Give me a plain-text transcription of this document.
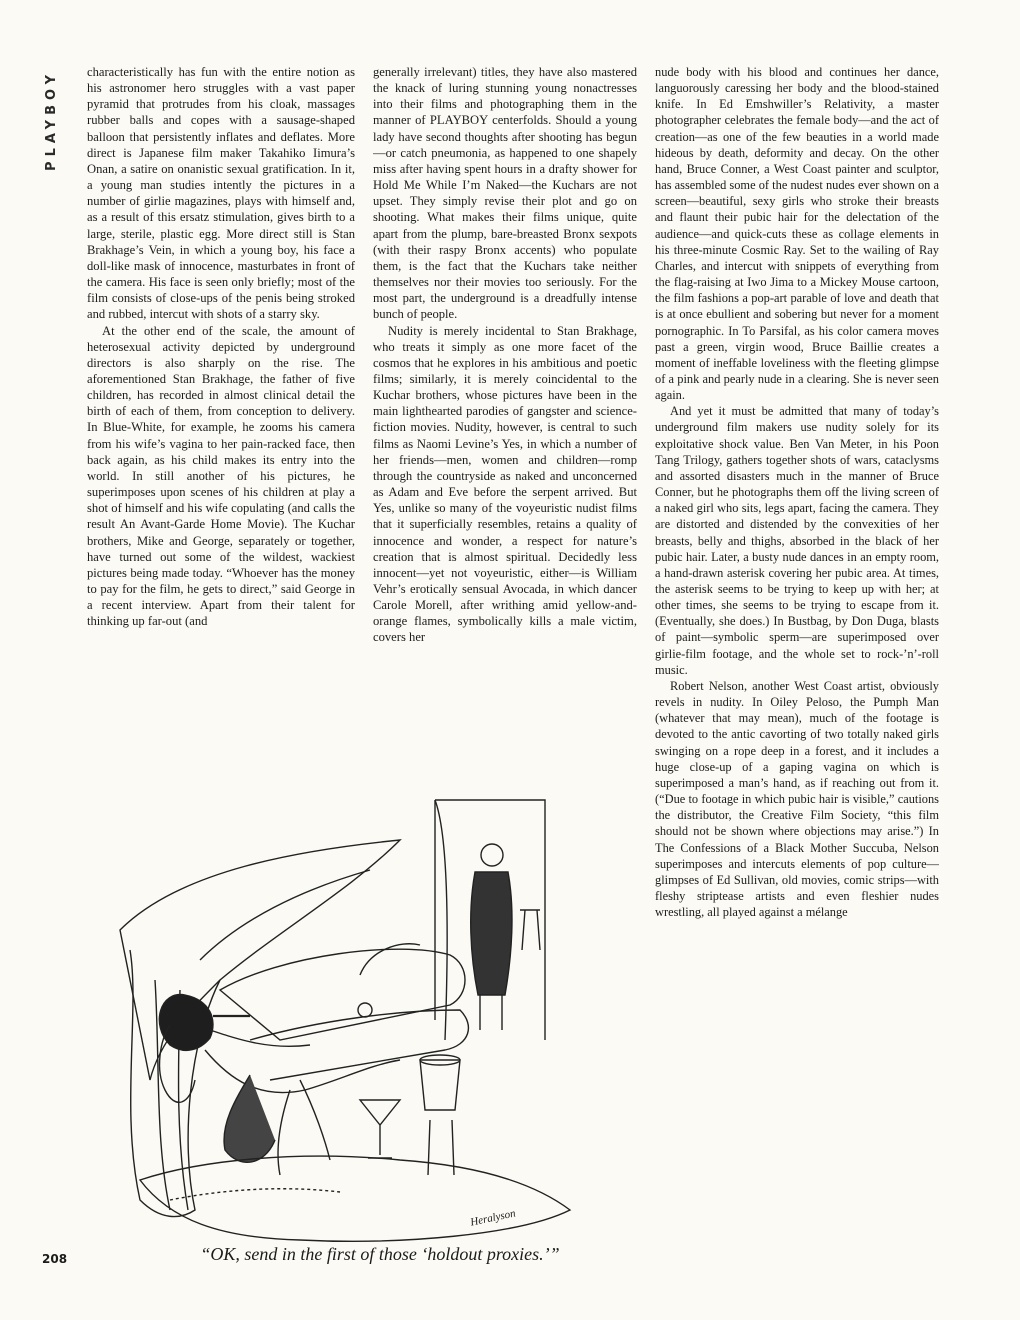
PLAYBOY characteristically has fun with the entire notion as his astronomer hero struggles with a vast paper pyramid that protrudes from his cloak, massages rubber balls and copes with a sausage-shaped balloon that persistently inflates and deflates. More direct is Japanese film maker Takahiko Iimura’s Onan, a satire on onanistic sexual gratification. In it, a young man studies intently the pictures in a number of girlie magazines, plays with himself and, as a result of this ersatz stimulation, gives birth to a large, sterile, plastic egg. More direct still is Stan Brakhage’s Vein, in which a young boy, his face a doll-like mask of innocence, masturbates in front of the camera. His face is seen only briefly; most of the film consists of close-ups of the penis being stroked and rubbed, intercut with shots of a starry sky.

At the other end of the scale, the amount of heterosexual activity depicted by underground directors is also sharply on the rise. The aforementioned Stan Brakhage, the father of five children, has recorded in almost clinical detail the birth of each of them, from conception to delivery. In Blue-White, for example, he zooms his camera from his wife’s vagina to her pain-racked face, then back again, as his child makes its entry into the world. In still another of his pictures, he superimposes upon scenes of his children at play a shot of himself and his wife copulating (and calls the result An Avant-Garde Home Movie). The Kuchar brothers, Mike and George, separately or together, have turned out some of the wildest, wackiest pictures being made today. “Whoever has the money to pay for the film, he gets to direct,” said George in a recent interview. Apart from their talent for thinking up far-out (and

generally irrelevant) titles, they have also mastered the knack of luring stunning young nonactresses into their films and photographing them in the manner of PLAYBOY centerfolds. Should a young lady have second thoughts after shooting has begun—or catch pneumonia, as happened to one shapely miss after having spent hours in a drafty shower for Hold Me While I’m Naked—the Kuchars are not upset. They simply revise their plot and go on shooting. What makes their films unique, quite apart from the plump, bare-breasted Bronx sexpots (with their raspy Bronx accents) who populate them, is the fact that the Kuchars take neither themselves nor their movies too seriously. For the most part, the underground is a dreadfully intense bunch of people.

Nudity is merely incidental to Stan Brakhage, who treats it simply as one more facet of the cosmos that he explores in his ambitious and poetic films; similarly, it is merely coincidental to the Kuchar brothers, whose pictures have been in the main lighthearted parodies of gangster and science-fiction movies. Nudity, however, is central to such films as Naomi Levine’s Yes, in which a number of her friends—men, women and children—romp through the countryside as naked and unconcerned as Adam and Eve before the serpent arrived. But Yes, unlike so many of the voyeuristic nudist films that it superficially resembles, retains a quality of innocence and wonder, a respect for nature’s creation that is almost spiritual. Decidedly less innocent—yet not voyeuristic, either—is William Vehr’s erotically sensual Avocada, in which dancer Carole Morell, after writhing amid yellow-and-orange flames, symbolically kills a male victim, covers her

nude body with his blood and continues her dance, languorously caressing her body and the blood-stained knife. In Ed Emshwiller’s Relativity, a master photographer celebrates the female body—and the act of creation—as one of the few beauties in a world made hideous by death, deformity and decay. On the other hand, Bruce Conner, a West Coast painter and sculptor, has assembled some of the nudest nudes ever shown on a screen—beautiful, sexy girls who stroke their breasts and flaunt their pubic hair for the delectation of the audience—and quick-cuts these as collage elements in his three-minute Cosmic Ray. Set to the wailing of Ray Charles, and intercut with snippets of everything from the flag-raising at Iwo Jima to a Mickey Mouse cartoon, the film fashions a pop-art parable of love and death that is at once ebullient and sobering but never for a moment pornographic. In To Parsifal, as his color camera moves past a green, virgin wood, Bruce Baillie creates a moment of ineffable loveliness with the fleeting glimpse of a pink and pearly nude in a clearing. She is never seen again.

And yet it must be admitted that many of today’s underground film makers use nudity solely for its exploitative shock value. Ben Van Meter, in his Poon Tang Trilogy, gathers together shots of wars, cataclysms and assorted disasters much in the manner of Bruce Conner, but he photographs them off the living screen of a naked girl who sits, legs apart, facing the camera. They are distorted and distended by the convexities of her breasts, belly and thighs, absorbed in the black of her pubic hair. Later, a busty nude dances in an empty room, a hand-drawn asterisk covering her pubic area. At times, the asterisk seems to be trying to keep up with her; at other times, she seems to be trying to escape from it. (Eventually, she does.) In Bustbag, by Don Duga, blasts of paint—symbolic sperm—are superimposed over girlie-film footage, and the whole set to rock-’n’-roll music.

Robert Nelson, another West Coast artist, obviously revels in nudity. In Oiley Peloso, the Pumph Man (whatever that may mean), much of the footage is devoted to the antic cavorting of two totally naked girls swinging on a rope deep in a forest, and it includes a huge close-up of a gaping vagina on which is superimposed a man’s hand, as if reaching out from it. (“Due to footage in which pubic hair is visible,” cautions the distributor, the Creative Film Society, “this film should not be shown where objections may arise.”) In The Confessions of a Black Mother Succuba, Nelson superimposes and intercuts elements of pop culture—glimpses of Ed Sullivan, old movies, comic strips—with fleshy striptease artists and even fleshier nudes wrestling, all played against a mélange

Heralyson
“OK, send in the first of those ‘holdout proxies.’”
208
